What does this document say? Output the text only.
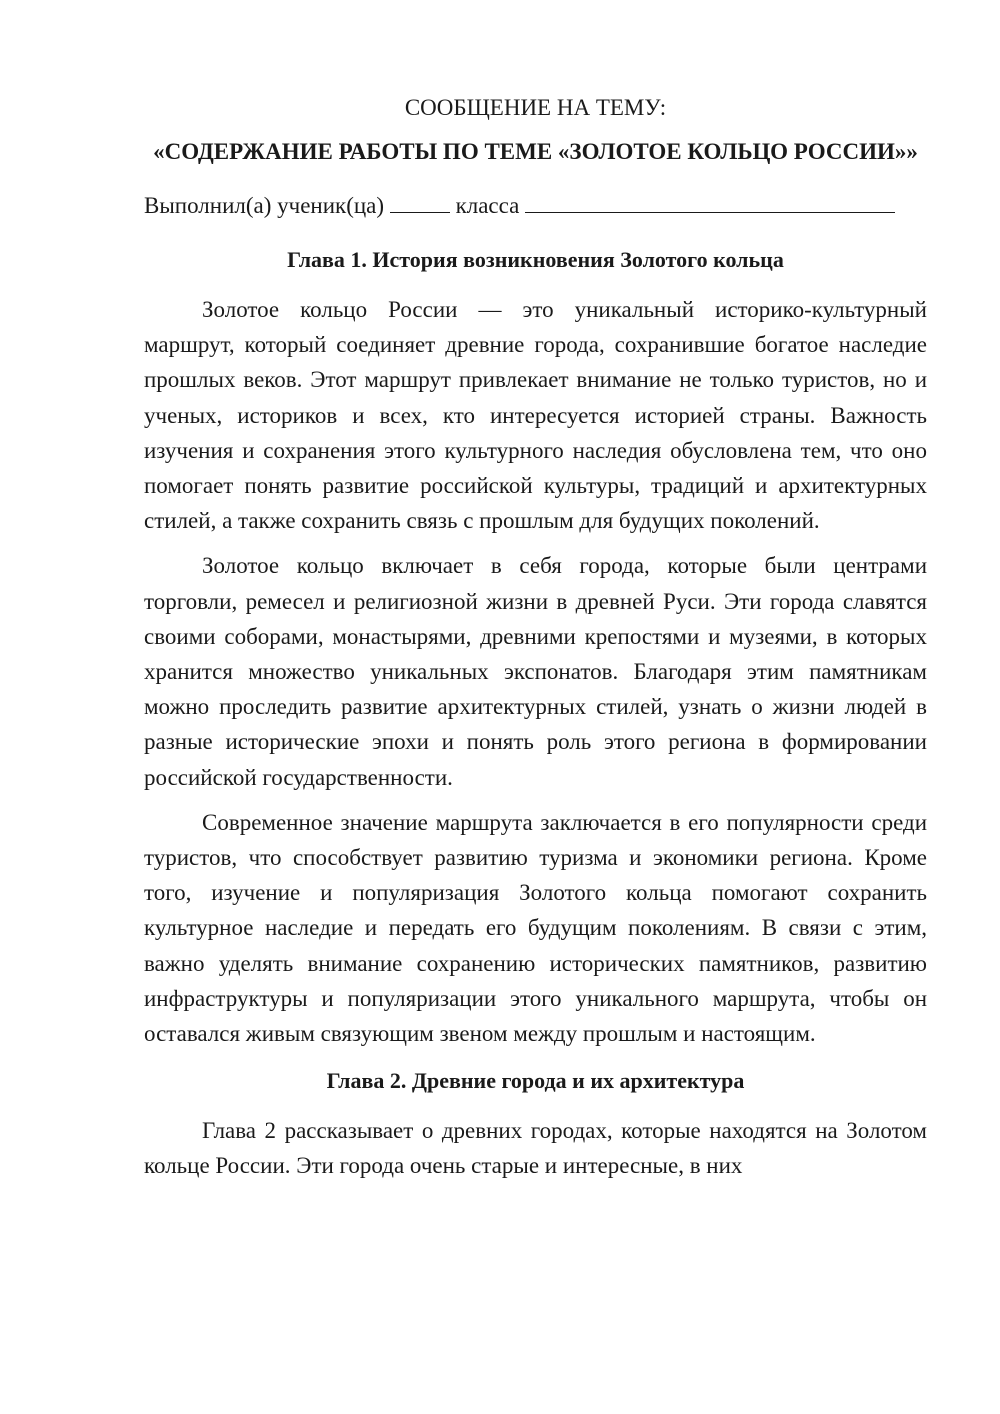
СООБЩЕНИЕ НА ТЕМУ:
«СОДЕРЖАНИЕ РАБОТЫ ПО ТЕМЕ «ЗОЛОТОЕ КОЛЬЦО РОССИИ»»
Выполнил(а) ученик(ца)	класса
Глава 1. История возникновения Золотого кольца

Золотое кольцо России — это уникальный историко-культурный маршрут, который соединяет древние города, сохранившие богатое наследие прошлых веков. Этот маршрут привлекает внимание не только туристов, но и ученых, историков и всех, кто интересуется историей страны. Важность изучения и сохранения этого культурного наследия обусловлена тем, что оно помогает понять развитие российской культуры, традиций и архитектурных стилей, а также сохранить связь с прошлым для будущих поколений.

Золотое кольцо включает в себя города, которые были центрами торговли, ремесел и религиозной жизни в древней Руси. Эти города славятся своими соборами, монастырями, древними крепостями и музеями, в которых хранится множество уникальных экспонатов. Благодаря этим памятникам можно проследить развитие архитектурных стилей, узнать о жизни людей в разные исторические эпохи и понять роль этого региона в формировании российской государственности.

Современное значение маршрута заключается в его популярности среди туристов, что способствует развитию туризма и экономики региона. Кроме того, изучение и популяризация Золотого кольца помогают сохранить культурное наследие и передать его будущим поколениям. В связи с этим, важно уделять внимание сохранению исторических памятников, развитию инфраструктуры и популяризации этого уникального маршрута, чтобы он оставался живым связующим звеном между прошлым и настоящим.

Глава 2. Древние города и их архитектура

Глава 2 рассказывает о древних городах, которые находятся на Золотом кольце России. Эти города очень старые и интересные, в них
